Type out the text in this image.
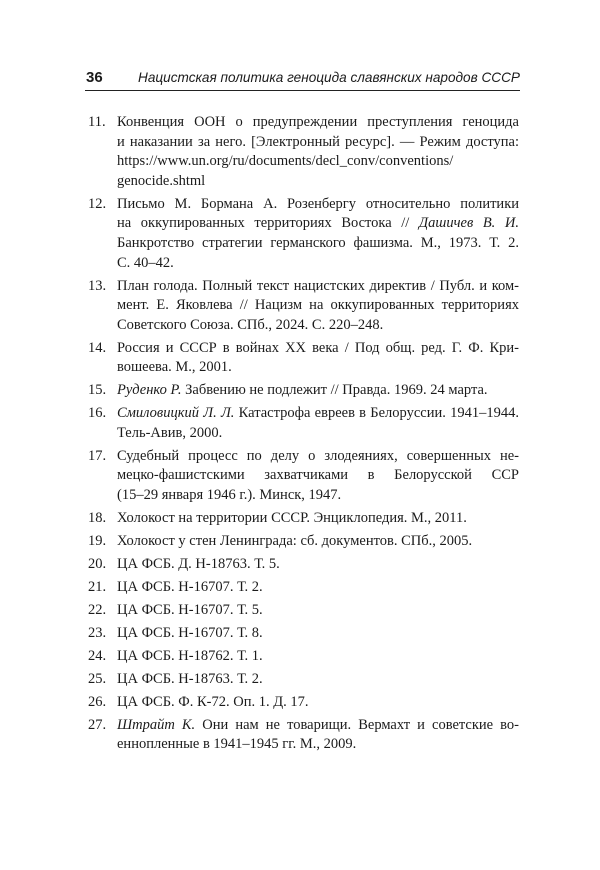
36	Нацистская политика геноцида славянских народов СССР
11. Конвенция ООН о предупреждении преступления геноцида
и наказании за него. [Электронный ресурс]. — Режим доступа:
https://www.un.org/ru/documents/decl_conv/conventions/
genocide.shtml
12. Письмо М. Бормана А. Розенбергу относительно политики
на оккупированных территориях Востока // Дашичев В. И.
Банкротство стратегии германского фашизма. М., 1973. Т. 2.
С. 40–42.
13. План голода. Полный текст нацистских директив / Публ. и ком-
мент. Е. Яковлева // Нацизм на оккупированных территориях
Советского Союза. СПб., 2024. С. 220–248.
14. Россия и СССР в войнах XX века / Под общ. ред. Г. Ф. Кри-
вошеева. М., 2001.
15. Руденко Р. Забвению не подлежит // Правда. 1969. 24 марта.
16. Смиловицкий Л. Л. Катастрофа евреев в Белоруссии. 1941–1944.
Тель-Авив, 2000.
17. Судебный процесс по делу о злодеяниях, совершенных не-
мецко-фашистскими захватчиками в Белорусской ССР
(15–29 января 1946 г.). Минск, 1947.
18. Холокост на территории СССР. Энциклопедия. М., 2011.
19. Холокост у стен Ленинграда: сб. документов. СПб., 2005.
20. ЦА ФСБ. Д. Н-18763. Т. 5.
21. ЦА ФСБ. Н-16707. Т. 2.
22. ЦА ФСБ. Н-16707. Т. 5.
23. ЦА ФСБ. Н-16707. Т. 8.
24. ЦА ФСБ. Н-18762. Т. 1.
25. ЦА ФСБ. Н-18763. Т. 2.
26. ЦА ФСБ. Ф. К-72. Оп. 1. Д. 17.
27. Штрайт К. Они нам не товарищи. Вермахт и советские во-
еннопленные в 1941–1945 гг. М., 2009.
